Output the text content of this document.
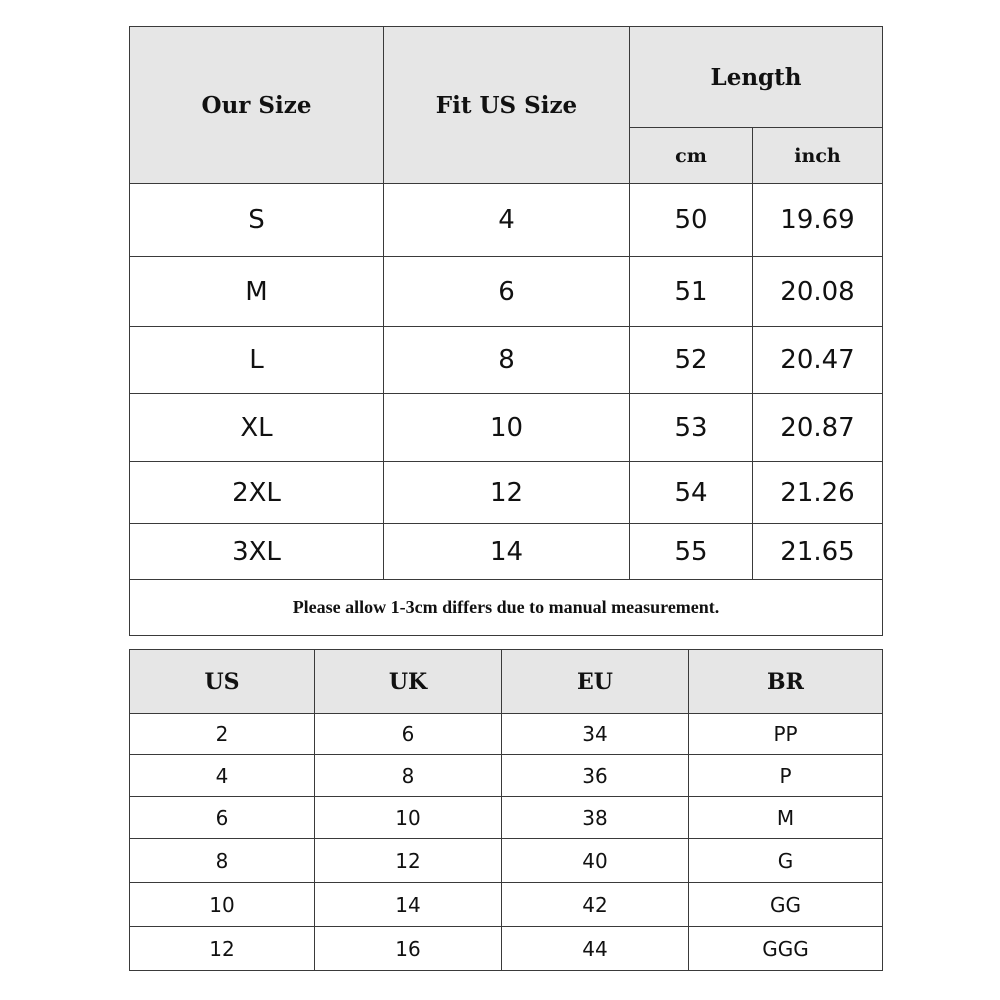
Our Size	Fit US Size	Length	
		cm	inch
S	4	50	19.69
M	6	51	20.08
L	8	52	20.47
XL	10	53	20.87
2XL	12	54	21.26
3XL	14	55	21.65
Please allow 1-3cm differs due to manual measurement.			
US	UK	EU	BR
2	6	34	PP
4	8	36	P
6	10	38	M
8	12	40	G
10	14	42	GG
12	16	44	GGG
